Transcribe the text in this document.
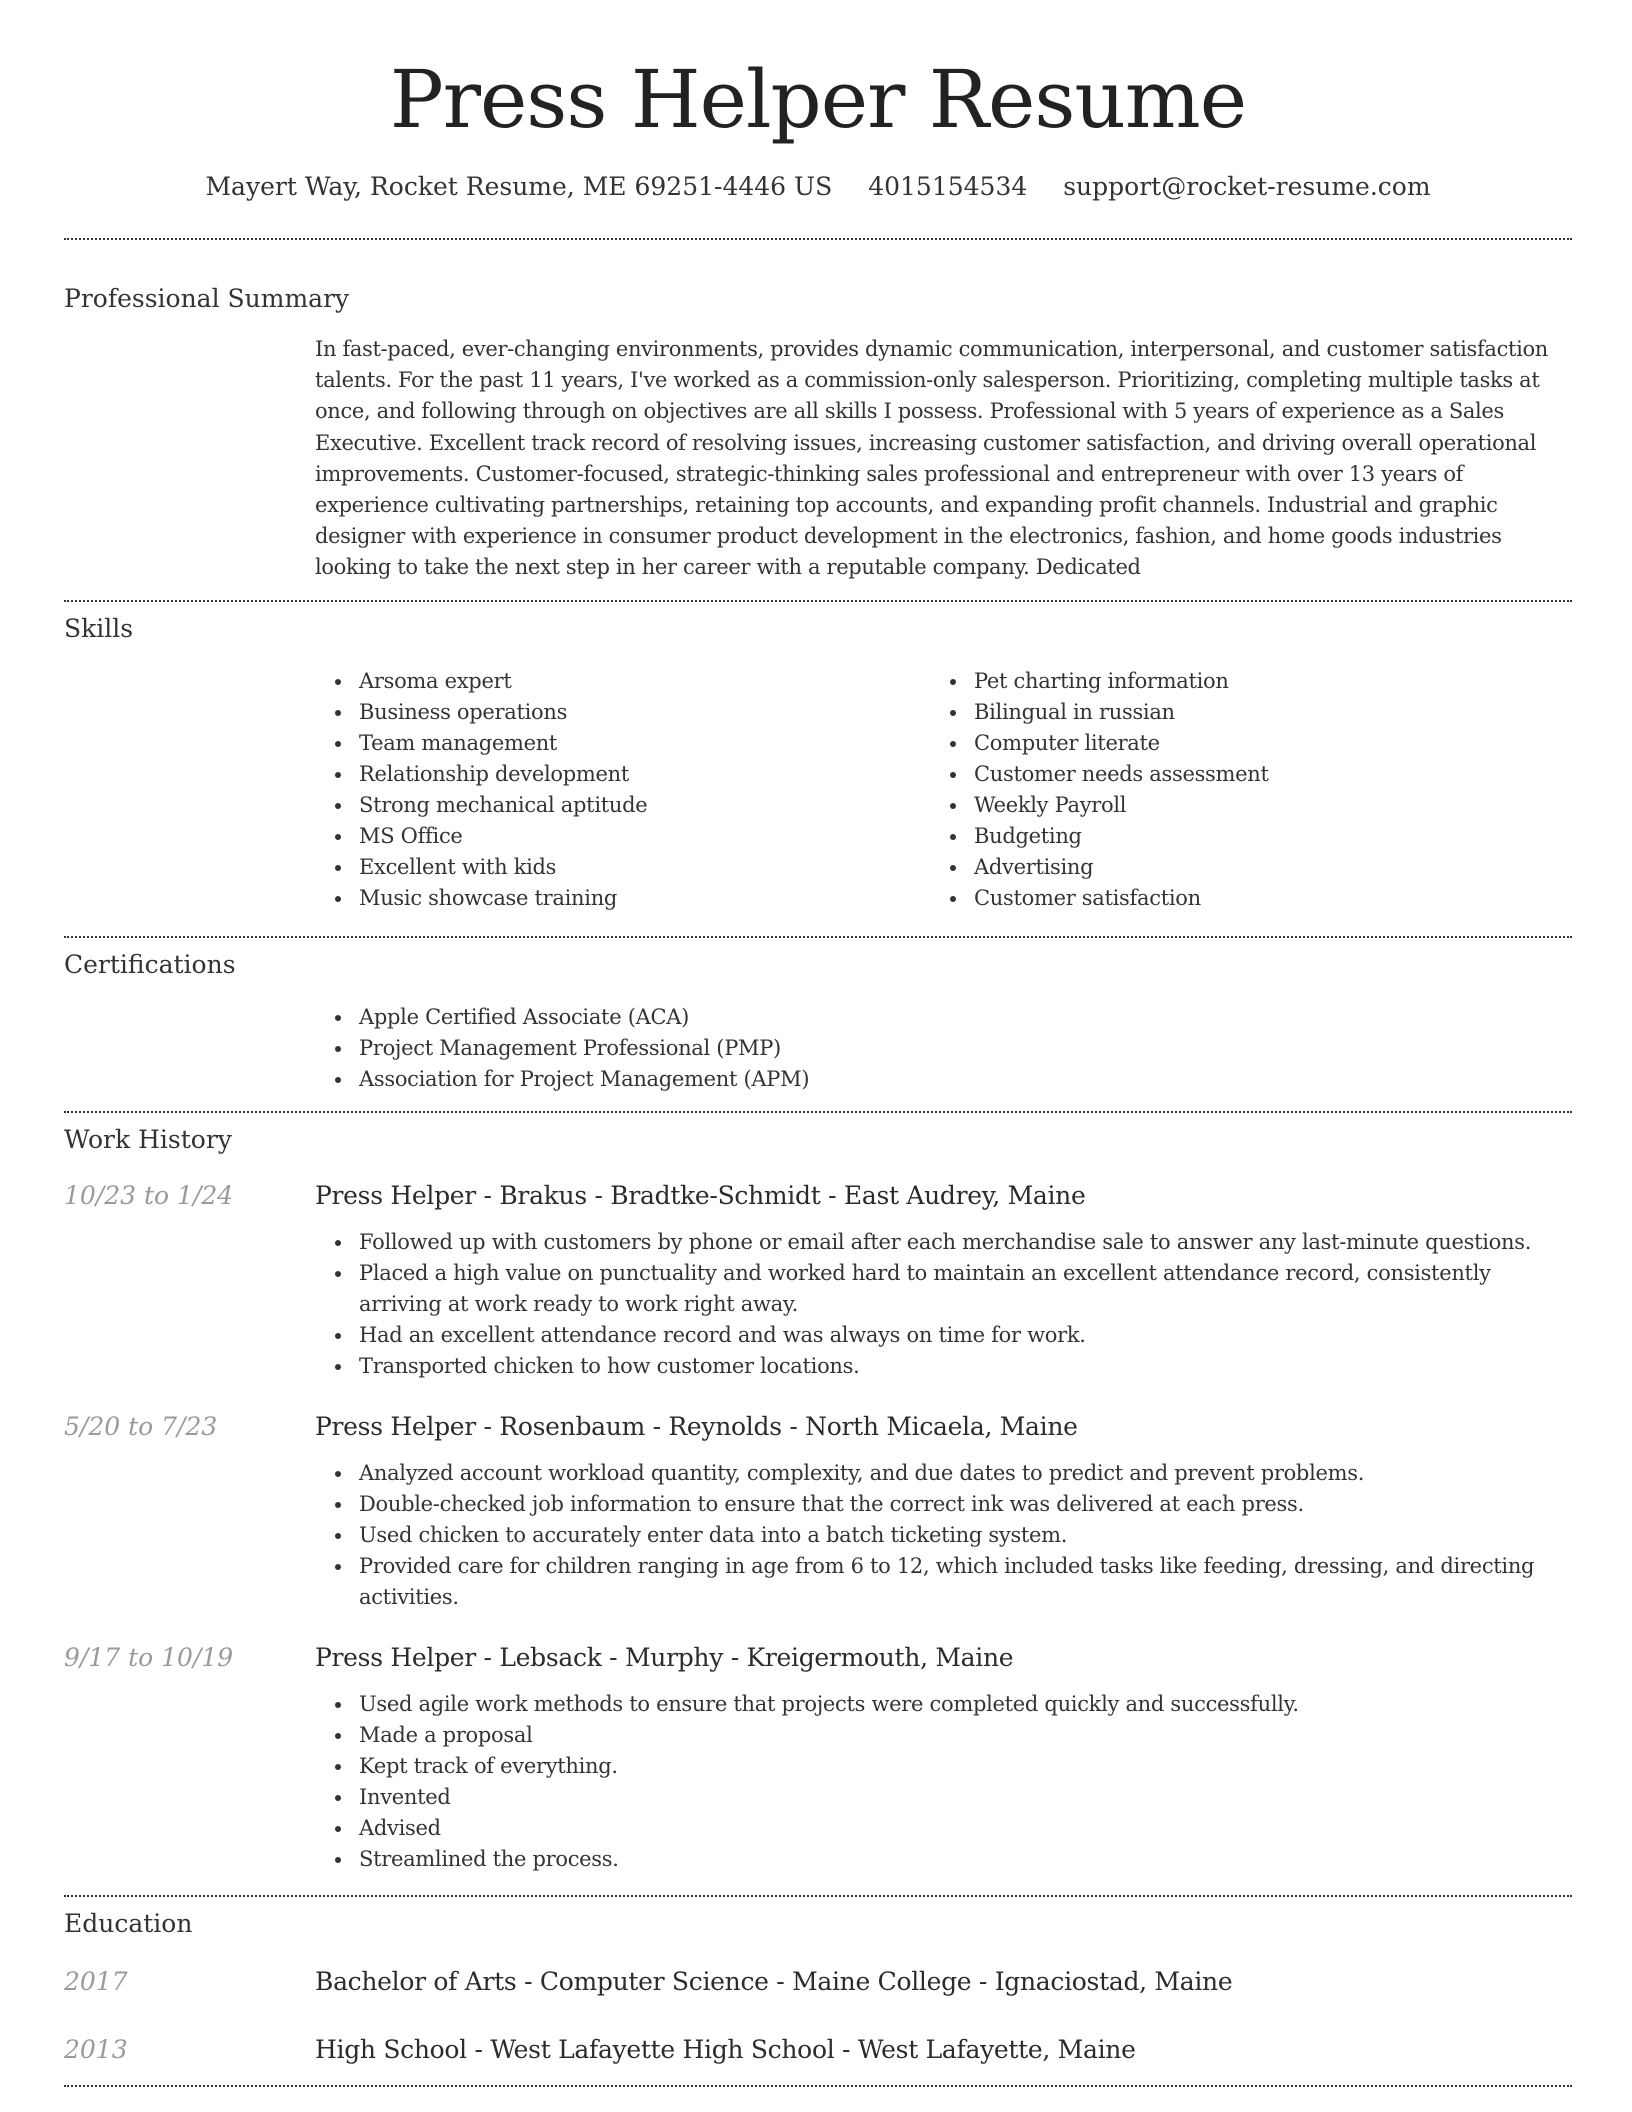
Press Helper Resume
Mayert Way, Rocket Resume, ME 69251-4446 US 4015154534 support@rocket-resume.com
Professional Summary
In fast-paced, ever-changing environments, provides dynamic communication, interpersonal, and customer satisfaction talents. For the past 11 years, I've worked as a commission-only salesperson. Prioritizing, completing multiple tasks at once, and following through on objectives are all skills I possess. Professional with 5 years of experience as a Sales Executive. Excellent track record of resolving issues, increasing customer satisfaction, and driving overall operational improvements. Customer-focused, strategic-thinking sales professional and entrepreneur with over 13 years of experience cultivating partnerships, retaining top accounts, and expanding profit channels. Industrial and graphic designer with experience in consumer product development in the electronics, fashion, and home goods industries looking to take the next step in her career with a reputable company. Dedicated
Skills
Arsoma expert
Business operations
Team management
Relationship development
Strong mechanical aptitude
MS Office
Excellent with kids
Music showcase training
Pet charting information
Bilingual in russian
Computer literate
Customer needs assessment
Weekly Payroll
Budgeting
Advertising
Customer satisfaction
Certifications
Apple Certified Associate (ACA)
Project Management Professional (PMP)
Association for Project Management (APM)
Work History
10/23 to 1/24	Press Helper - Brakus - Bradtke-Schmidt - East Audrey, Maine
Followed up with customers by phone or email after each merchandise sale to answer any last-minute questions.
Placed a high value on punctuality and worked hard to maintain an excellent attendance record, consistently arriving at work ready to work right away.
Had an excellent attendance record and was always on time for work.
Transported chicken to how customer locations.
5/20 to 7/23	Press Helper - Rosenbaum - Reynolds - North Micaela, Maine
Analyzed account workload quantity, complexity, and due dates to predict and prevent problems.
Double-checked job information to ensure that the correct ink was delivered at each press.
Used chicken to accurately enter data into a batch ticketing system.
Provided care for children ranging in age from 6 to 12, which included tasks like feeding, dressing, and directing activities.
9/17 to 10/19	Press Helper - Lebsack - Murphy - Kreigermouth, Maine
Used agile work methods to ensure that projects were completed quickly and successfully.
Made a proposal
Kept track of everything.
Invented
Advised
Streamlined the process.
Education
2017	Bachelor of Arts - Computer Science - Maine College - Ignaciostad, Maine
2013	High School - West Lafayette High School - West Lafayette, Maine
